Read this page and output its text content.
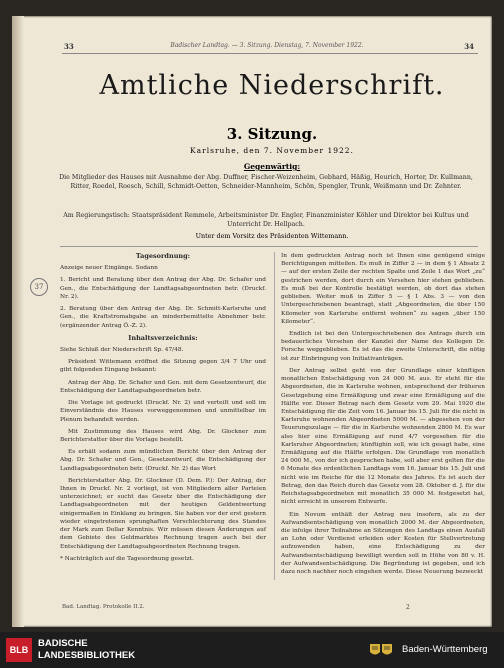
33	Badischer Landtag. — 3. Sitzung. Dienstag, 7. November 1922.	34
Amtliche Niederschrift.
3. Sitzung.
Karlsruhe, den 7. November 1922.
Gegenwärtig:
Die Mitglieder des Hauses mit Ausnahme der Abg. Duffner, Fischer-Weizenheim, Gebhard, Häßig, Heurich, Horter, Dr. Kullmann, Ritter, Roedel, Roesch, Schill, Schmidt-Oetten, Schneider-Mannheim, Schön, Spengler, Trunk, Weißmann und Dr. Zehnter.
Am Regierungstisch: Staatspräsident Remmele, Arbeitsminister Dr. Engler, Finanzminister Köhler und Direktor bei Kultus und Unterricht Dr. Hellpach.
Unter dem Vorsitz des Präsidenten Wittemann.
37

Tagesordnung:

Anzeige neuer Eingänge. Sodann

1. Bericht und Beratung über den Antrag der Abg. Dr. Schafer und Gen., die Entschädigung der Landtagsabgeordneten betr. (Druckf. Nr. 2).

2. Beratung über den Antrag der Abg. Dr. Schmitt-Karlsruhe und Gen., die Kraftstromabgabe an minderbemittelte Abnehmer betr. (ergänzender Antrag Ö.-Z. 2).

Inhaltsverzeichnis:

Siehe Schluß der Niederschrift Sp. 47/48.

Präsident Wittemann eröffnet die Sitzung gegen 3/4 7 Uhr und gibt folgenden Eingang bekannt:

Antrag der Abg. Dr. Schafer und Gen. mit dem Gesetzentwurf, die Entschädigung der Landtagsabgeordneten betr.

Die Vorlage ist gedruckt (Druckf. Nr. 2) und verteilt und soll im Einverständnis des Hauses vorweggenommen und unmittelbar im Plenum behandelt werden.

Mit Zustimmung des Hauses wird Abg. Dr. Glockner zum Berichterstatter über die Vorlage bestellt.

Es erhält sodann zum mündlichen Bericht über den Antrag der Abg. Dr. Schafer und Gen., Gesetzentwurf, die Entschädigung der Landtagsabgeordneten betr. (Druckf. Nr. 2) das Wort

Berichterstatter Abg. Dr. Glockner (D. Dem. P.): Der Antrag, der Ihnen in Druckf. Nr. 2 vorliegt, ist von Mitgliedern aller Parteien unterzeichnet; er sucht das Gesetz über die Entschädigung der Landtagsabgeordneten mit der heutigen Geldentwertung einigermaßen in Einklang zu bringen. Sie haben vor der erst gestern wieder eingetretenen sprunghaften Verschlechterung des Standes der Mark zum Dollar Kenntnis. Wir müssen diesen Änderungen auf dem Gebiete des Geldmarktes Rechnung tragen auch bei der Entschädigung der Landtagsabgeordneten Rechnung tragen.

* Nachträglich auf die Tagesordnung gesetzt.

In dem gedruckten Antrag noch ist Ihnen eine genügend einige Berichtigungen mitteilen. Es muß in Ziffer 2 — in dem § 1 Absatz 2 — auf der ersten Zeile der rechten Spalte und Zeile 1 das Wort „zu“ gestrichen werden, dort durch ein Versehen hier stehen geblieben. Es muß bei der Kontrolle bestätigt werden, ob dort das stehen geblieben. Weiter muß in Ziffer 5 — § 1 Abs. 3 — von den Untergeschriebenen beantragt, statt „Abgeordneten, die über 150 Kilometer von Karlsruhe entfernt wohnen“ zu sagen „über 150 Kilometer“.

Endlich ist bei den Untergeschriebenen des Antrags durch ein bedauerliches Versehen der Kanzlei der Name des Kollegen Dr. Forsche weggeblieben. Es ist das die zweite Unterschrift, die nötig ist zur Einbringung von Initiativanträgen.

Der Antrag selbst geht von der Grundlage einer künftigen monatlichen Entschädigung von 24 000 M. aus. Er steht für die Abgeordneten, die in Karlsruhe wohnen, entsprechend der früheren Gesetzgebung eine Ermäßigung und zwar eine Ermäßigung auf die Hälfte vor. Dieser Betrag nach dem Gesetz vom 29. Mai 1920 die Entschädigung für die Zeit vom 16. Januar bis 15. Juli für die nicht in Karlsruhe wohnenden Abgeordneten 5000 M. — abgesehen von der Teuerungszulage — für die in Karlsruhe wohnenden 2800 M. Es war also hier eine Ermäßigung auf rund 4/7 vorgesehen für die Karlsruher Abgeordneten; künftighin soll, wie ich gesagt habe, eine Ermäßigung auf die Hälfte erfolgen. Die Grundlage von monatlich 24 000 M., von der ich gesprochen habe, soll aber erst gelten für die 6 Monate des ordentlichen Landtags vom 16. Januar bis 15. Juli und nicht wie im Reiche für die 12 Monate des Jahres. Es ist auch der Betrag, den das Reich durch das Gesetz vom 28. Oktober d. J. für die Reichstagsabgeordneten mit monatlich 35 000 M. festgesetzt hat, nicht erreicht in unserem Entwurfe.

Ein Novum enthält der Antrag neu insofern, als zu der Aufwandsentschädigung von monatlich 2000 M. der Abgeordneten, die infolge ihrer Teilnahme an Sitzungen des Landtags einen Ausfall an Lohn oder Verdienst erleiden oder Kosten für Stellvertretung aufzuwenden haben, eine Entschädigung zu der Aufwandsentschädigung bewilligt werden soll in Höhe von 80 v. H. der Aufwandsentschädigung. Die Begründung ist gegeben, und ich dazu noch nachher noch eingehen werde. Diese Neuerung bezweckt

Bad. Landtag. Protokolle II.2.	2
BLB
BADISCHE
LANDESBIBLIOTHEK
Baden-Württemberg
